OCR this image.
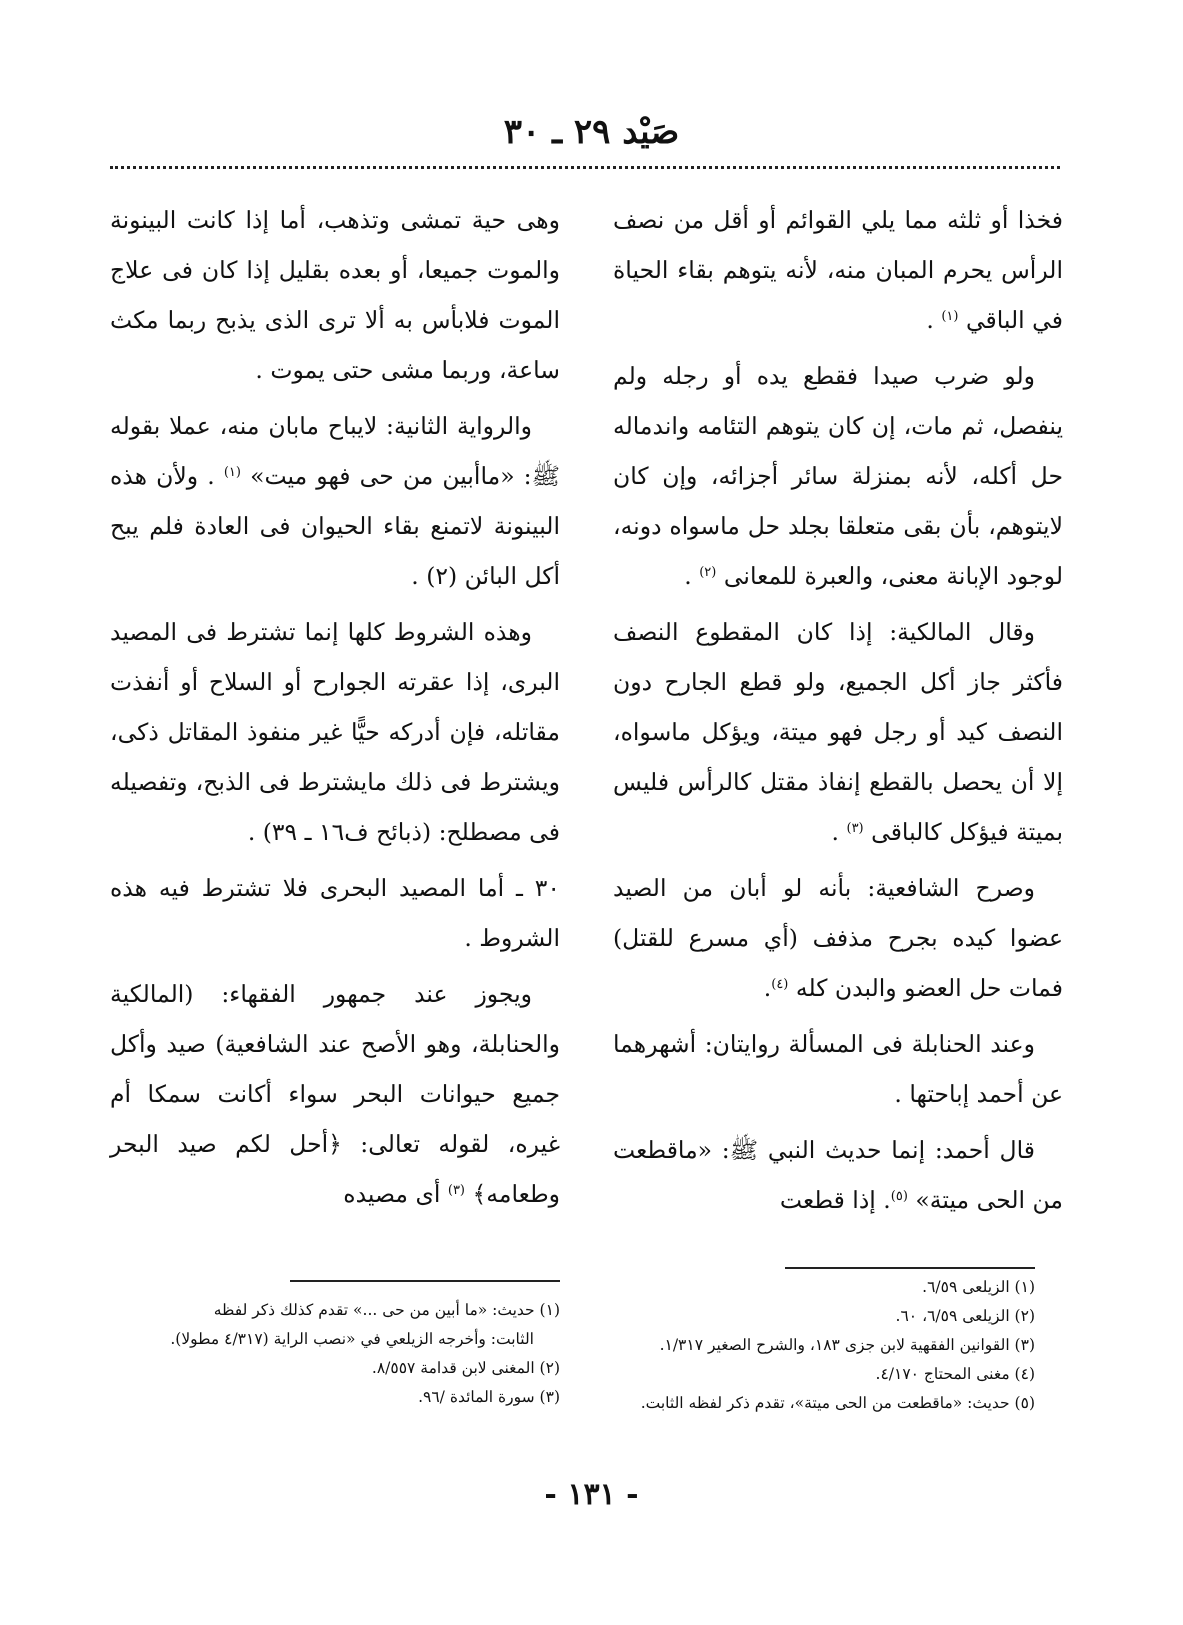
صَيْد ٢٩ ـ ٣٠

فخذا أو ثلثه مما يلي القوائم أو أقل من نصف الرأس يحرم المبان منه، لأنه يتوهم بقاء الحياة في الباقي $^{(١)}$ .

ولو ضرب صيدا فقطع يده أو رجله ولم ينفصل، ثم مات، إن كان يتوهم التئامه واندماله حل أكله، لأنه بمنزلة سائر أجزائه، وإن كان لايتوهم، بأن بقى متعلقا بجلد حل ماسواه دونه، لوجود الإبانة معنى، والعبرة للمعانى $^{(٢)}$ .

وقال المالكية: إذا كان المقطوع النصف فأكثر جاز أكل الجميع، ولو قطع الجارح دون النصف كيد أو رجل فهو ميتة، ويؤكل ماسواه، إلا أن يحصل بالقطع إنفاذ مقتل كالرأس فليس بميتة فيؤكل كالباقى $^{(٣)}$ .

وصرح الشافعية: بأنه لو أبان من الصيد عضوا كيده بجرح مذفف (أي مسرع للقتل) فمات حل العضو والبدن كله $^{(٤)}$.

وعند الحنابلة فى المسألة روايتان: أشهرهما عن أحمد إباحتها .

قال أحمد: إنما حديث النبي ﷺ: «ماقطعت من الحى ميتة» $^{(٥)}$. إذا قطعت

وهى حية تمشى وتذهب، أما إذا كانت البينونة والموت جميعا، أو بعده بقليل إذا كان فى علاج الموت فلابأس به ألا ترى الذى يذبح ربما مكث ساعة، وربما مشى حتى يموت .

والرواية الثانية: لايباح مابان منه، عملا بقوله ﷺ: «ماأبين من حى فهو ميت» $^{(١)}$ . ولأن هذه البينونة لاتمنع بقاء الحيوان فى العادة فلم يبح أكل البائن (٢) .

وهذه الشروط كلها إنما تشترط فى المصيد البرى، إذا عقرته الجوارح أو السلاح أو أنفذت مقاتله، فإن أدركه حيًّا غير منفوذ المقاتل ذكى، ويشترط فى ذلك مايشترط فى الذبح، وتفصيله فى مصطلح: (ذبائح ف١٦ ـ ٣٩) .

٣٠ ـ أما المصيد البحرى فلا تشترط فيه هذه الشروط .

ويجوز عند جمهور الفقهاء: (المالكية والحنابلة، وهو الأصح عند الشافعية) صيد وأكل جميع حيوانات البحر سواء أكانت سمكا أم غيره، لقوله تعالى: ﴿أحل لكم صيد البحر وطعامه﴾ $^{(٣)}$ أى مصيده

(١) الزيلعى ٦/٥٩.
(٢) الزيلعى ٦/٥٩، ٦٠.
(٣) القوانين الفقهية لابن جزى ١٨٣، والشرح الصغير ١/٣١٧.
(٤) مغنى المحتاج ٤/١٧٠.
(٥) حديث: «ماقطعت من الحى ميتة»، تقدم ذكر لفظه الثابت.
(١) حديث: «ما أبين من حى ...» تقدم كذلك ذكر لفظه
الثابت: وأخرجه الزيلعي في «نصب الراية (٤/٣١٧ مطولا).
(٢) المغنى لابن قدامة ٨/٥٥٧.
(٣) سورة المائدة /٩٦.
- ١٣١ -
